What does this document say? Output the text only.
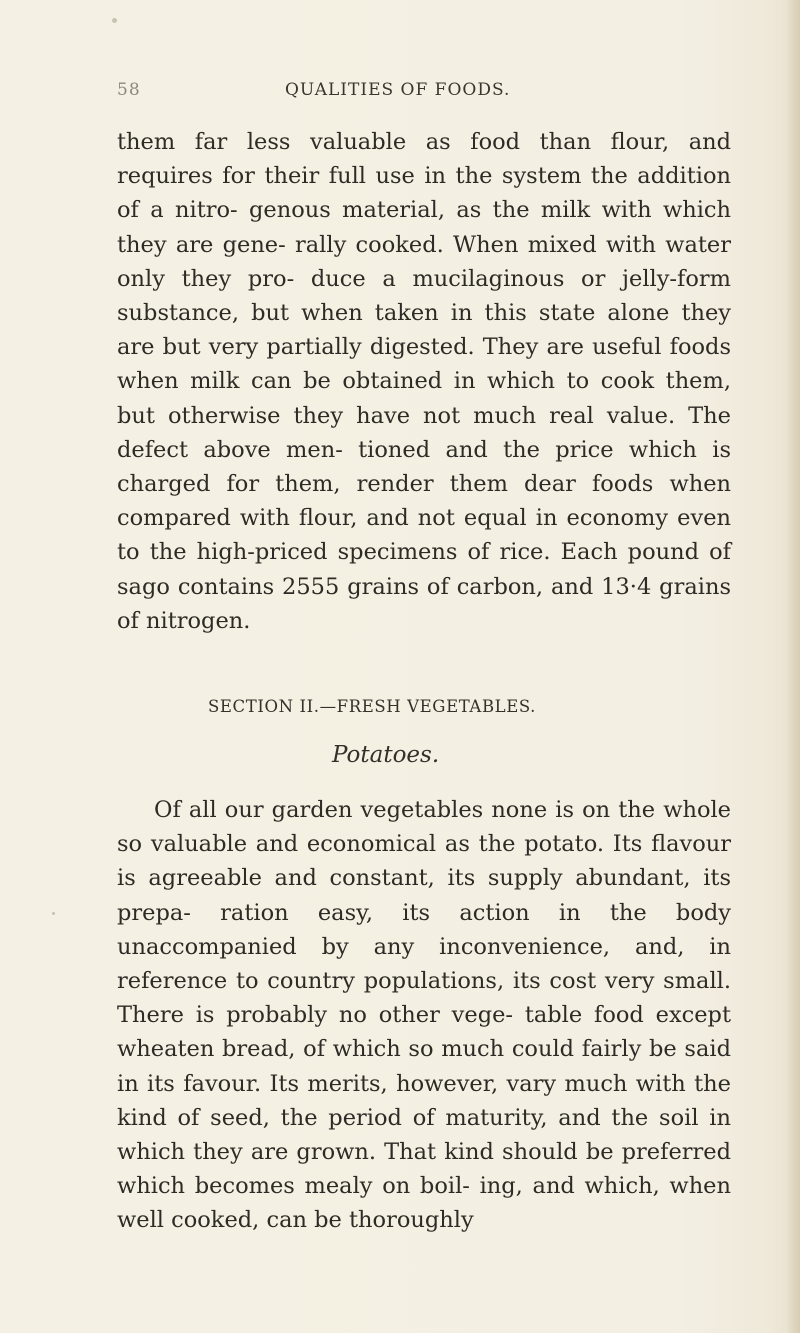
58	QUALITIES OF FOODS.

them far less valuable as food than flour, and requires for their full use in the system the addition of a nitro- genous material, as the milk with which they are gene- rally cooked. When mixed with water only they pro- duce a mucilaginous or jelly-form substance, but when taken in this state alone they are but very partially digested. They are useful foods when milk can be obtained in which to cook them, but otherwise they have not much real value. The defect above men- tioned and the price which is charged for them, render them dear foods when compared with flour, and not equal in economy even to the high-priced specimens of rice. Each pound of sago contains 2555 grains of carbon, and 13·4 grains of nitrogen.

SECTION II.—FRESH VEGETABLES.
Potatoes.

Of all our garden vegetables none is on the whole so valuable and economical as the potato. Its flavour is agreeable and constant, its supply abundant, its prepa- ration easy, its action in the body unaccompanied by any inconvenience, and, in reference to country populations, its cost very small. There is probably no other vege- table food except wheaten bread, of which so much could fairly be said in its favour. Its merits, however, vary much with the kind of seed, the period of maturity, and the soil in which they are grown. That kind should be preferred which becomes mealy on boil- ing, and which, when well cooked, can be thoroughly
